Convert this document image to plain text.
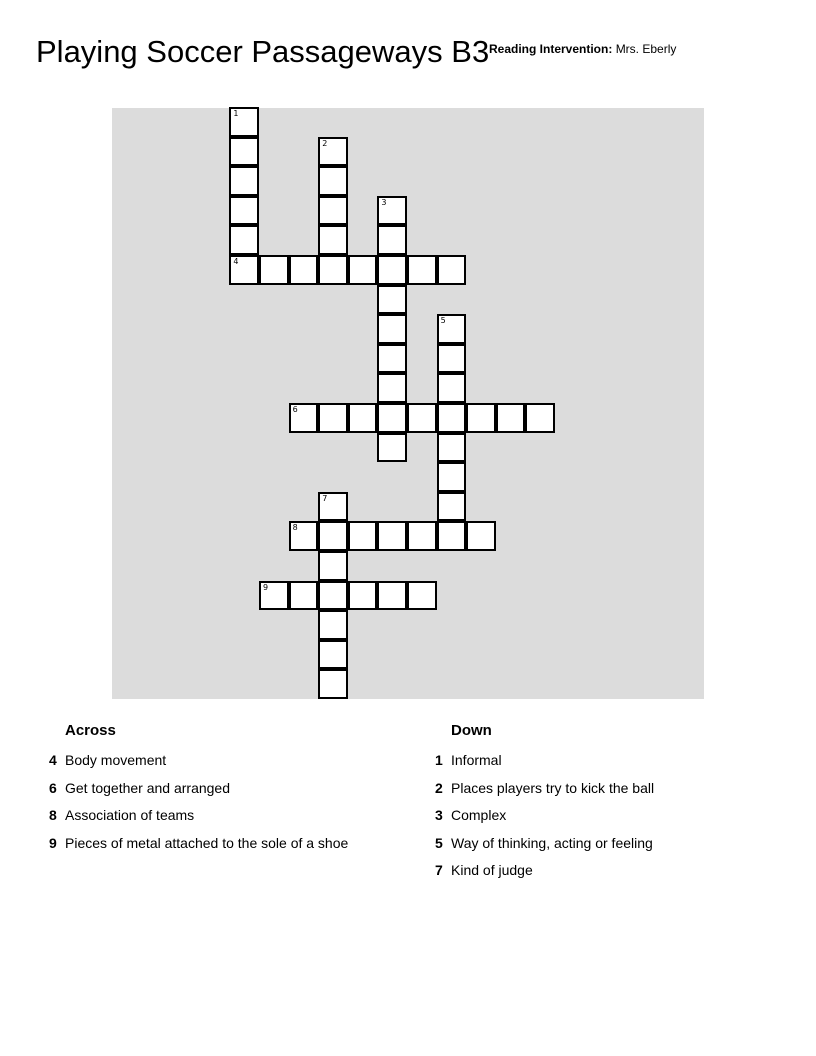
Playing Soccer Passageways B3 Reading Intervention: Mrs. Eberly
1
4
2
3
5
6
7
8
9
Across
4 Body movement
6 Get together and arranged
8 Association of teams
9 Pieces of metal attached to the sole of a shoe
Down
1 Informal
2 Places players try to kick the ball
3 Complex
5 Way of thinking, acting or feeling
7 Kind of judge
